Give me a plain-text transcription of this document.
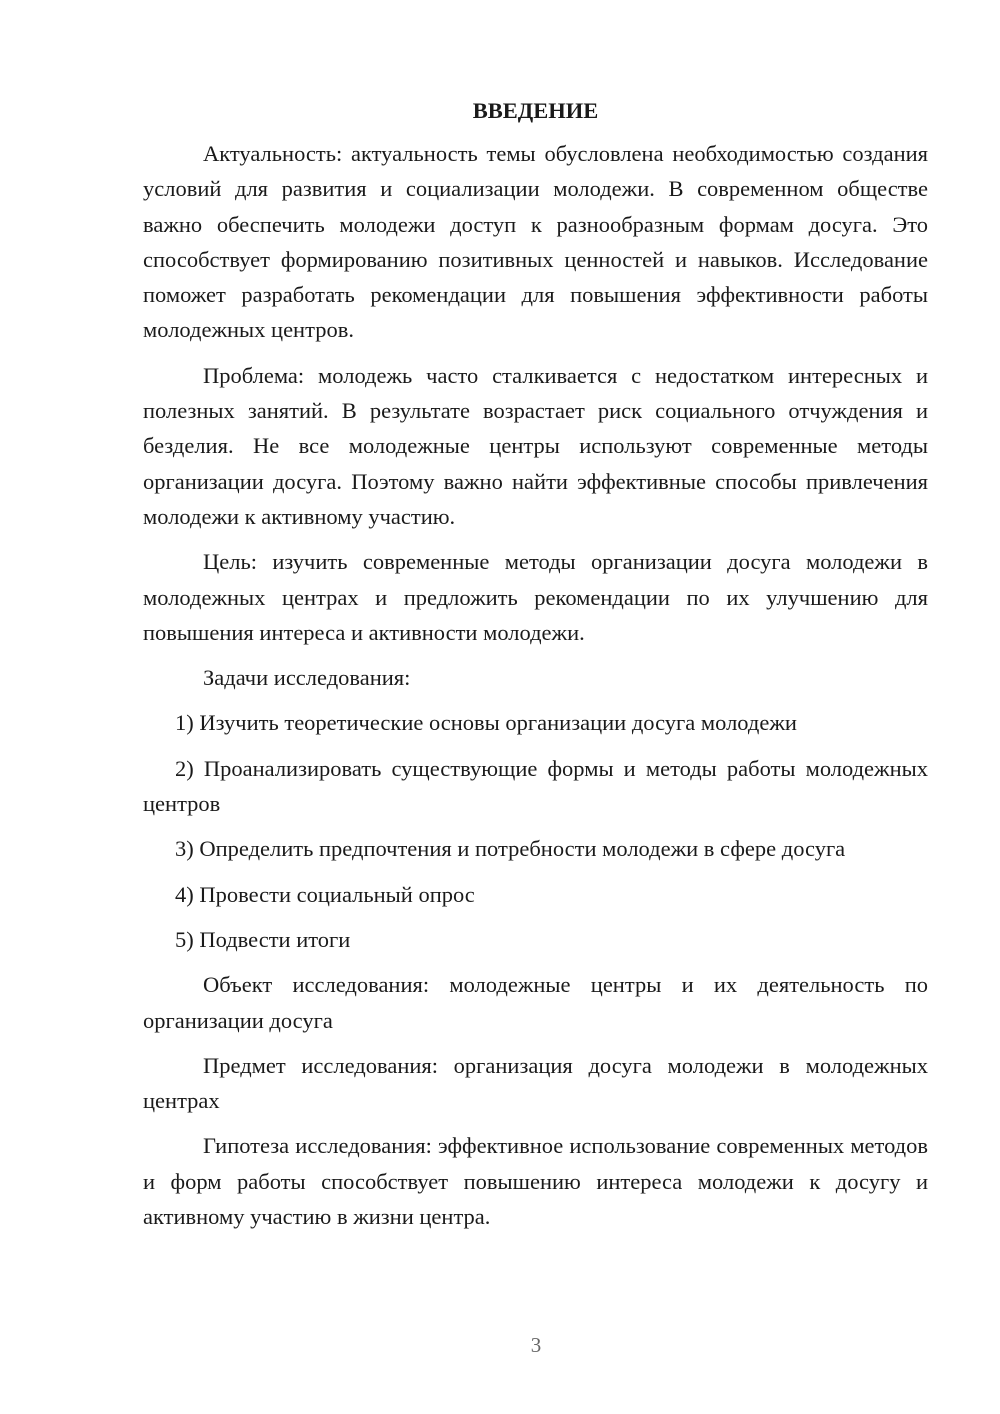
ВВЕДЕНИЕ

Актуальность: актуальность темы обусловлена необходимостью создания условий для развития и социализации молодежи. В современном обществе важно обеспечить молодежи доступ к разнообразным формам досуга. Это способствует формированию позитивных ценностей и навыков. Исследование поможет разработать рекомендации для повышения эффективности работы молодежных центров.

Проблема: молодежь часто сталкивается с недостатком интересных и полезных занятий. В результате возрастает риск социального отчуждения и безделия. Не все молодежные центры используют современные методы организации досуга. Поэтому важно найти эффективные способы привлечения молодежи к активному участию.

Цель: изучить современные методы организации досуга молодежи в молодежных центрах и предложить рекомендации по их улучшению для повышения интереса и активности молодежи.

Задачи исследования:

1) Изучить теоретические основы организации досуга молодежи

2) Проанализировать существующие формы и методы работы молодежных центров

3) Определить предпочтения и потребности молодежи в сфере досуга

4) Провести социальный опрос

5) Подвести итоги

Объект исследования: молодежные центры и их деятельность по организации досуга

Предмет исследования: организация досуга молодежи в молодежных центрах

Гипотеза исследования: эффективное использование современных методов и форм работы способствует повышению интереса молодежи к досугу и активному участию в жизни центра.

3
